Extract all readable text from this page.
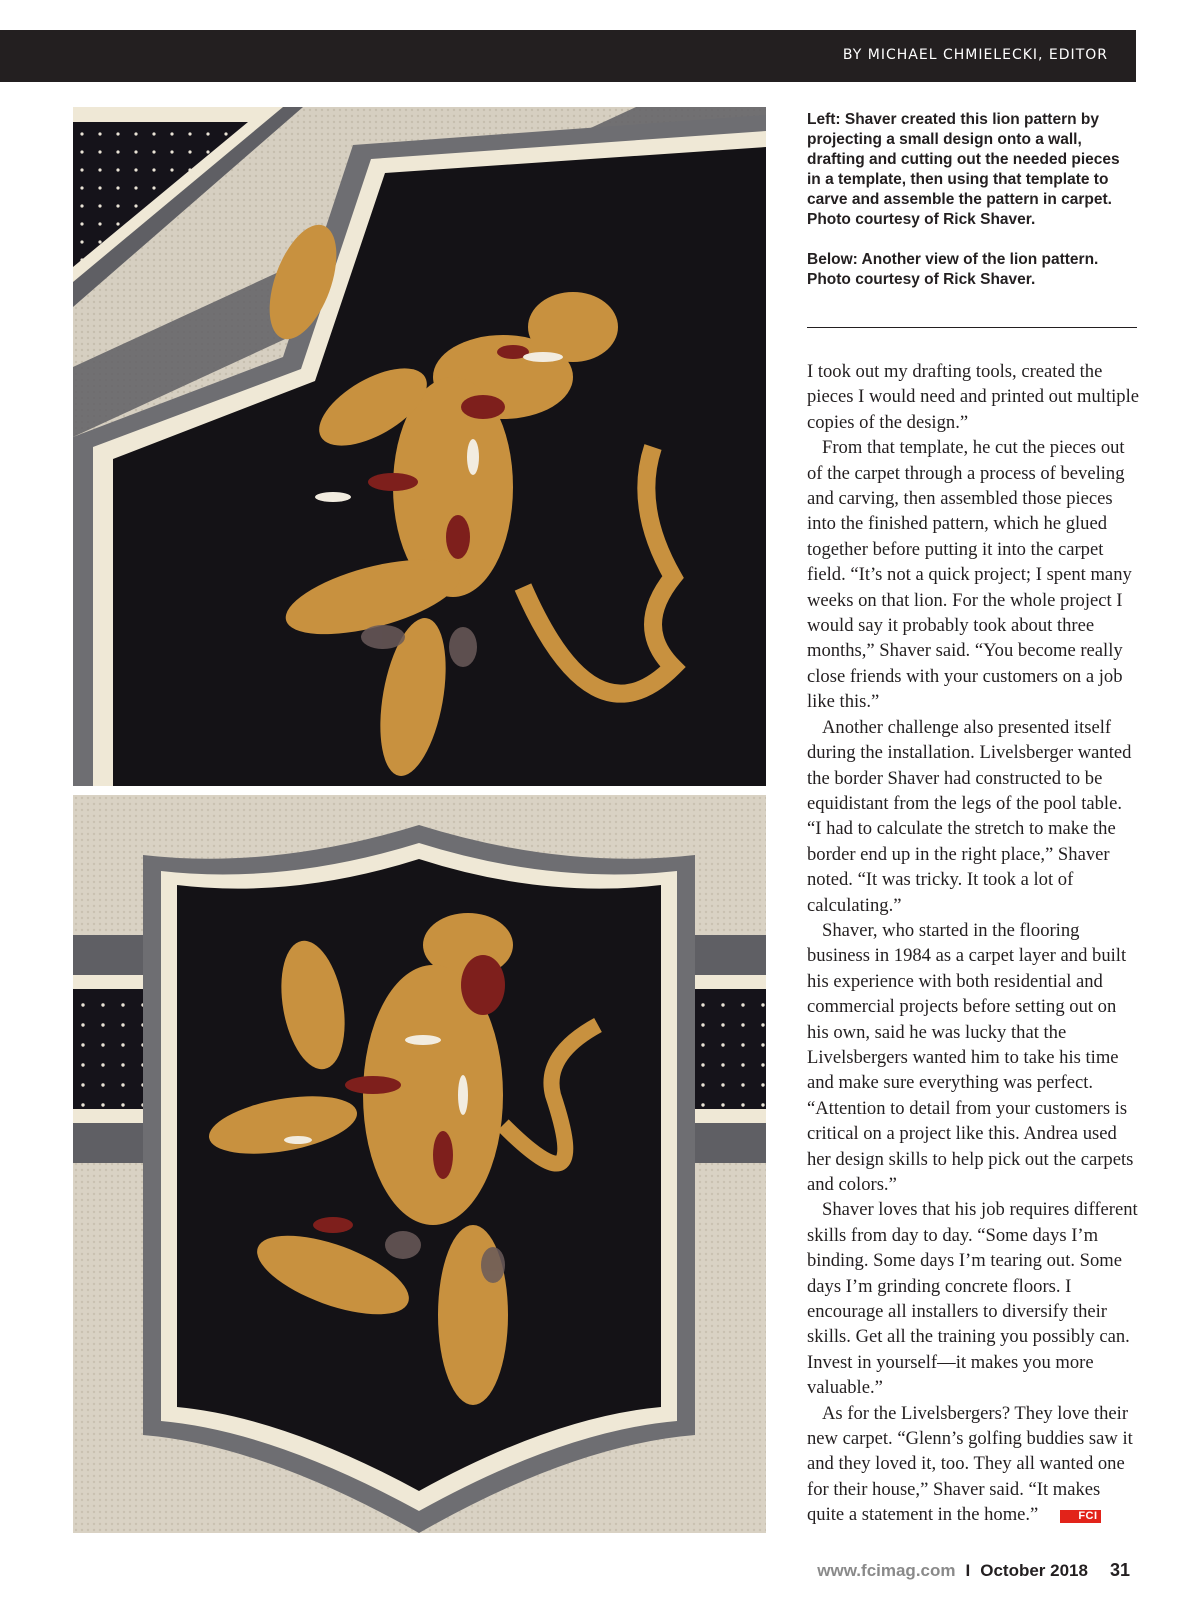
BY MICHAEL CHMIELECKI, EDITOR

Left: Shaver created this lion pattern by projecting a small design onto a wall, drafting and cutting out the needed pieces in a template, then using that template to carve and assemble the pattern in carpet. Photo courtesy of Rick Shaver.

Below: Another view of the lion pattern. Photo courtesy of Rick Shaver.

I took out my drafting tools, created the pieces I would need and printed out multiple copies of the design.”

From that template, he cut the pieces out of the carpet through a process of beveling and carving, then assembled those pieces into the finished pattern, which he glued together before putting it into the carpet field. “It’s not a quick project; I spent many weeks on that lion. For the whole project I would say it probably took about three months,” Shaver said. “You become really close friends with your customers on a job like this.”

Another challenge also presented itself during the installation. Livelsberger wanted the border Shaver had constructed to be equidistant from the legs of the pool table. “I had to calculate the stretch to make the border end up in the right place,” Shaver noted. “It was tricky. It took a lot of calculating.”

Shaver, who started in the flooring business in 1984 as a carpet layer and built his experience with both residential and commercial projects before setting out on his own, said he was lucky that the Livelsbergers wanted him to take his time and make sure everything was perfect. “Attention to detail from your customers is critical on a project like this. Andrea used her design skills to help pick out the carpets and colors.”

Shaver loves that his job requires different skills from day to day. “Some days I’m binding. Some days I’m tearing out. Some days I’m grinding concrete floors. I encourage all installers to diversify their skills. Get all the training you possibly can. Invest in yourself—it makes you more valuable.”

As for the Livelsbergers? They love their new carpet. “Glenn’s golfing buddies saw it and they loved it, too. They all wanted one for their house,” Shaver said. “It makes quite a statement in the home.”	FCI

www.fcimag.com I October 2018 31
